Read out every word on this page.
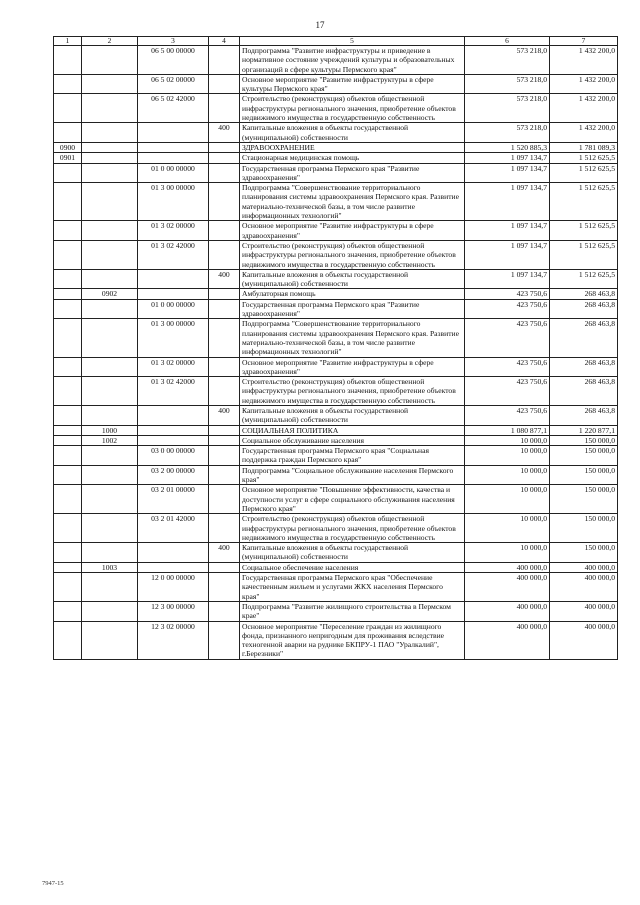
17
1	2	3	4	5	6	7
		06 5 00 00000		Подпрограмма "Развитие инфраструктуры и приведение в нормативное состояние учреждений культуры и образовательных организаций в сфере культуры Пермского края"	573 218,0	1 432 200,0
		06 5 02 00000		Основное мероприятие "Развитие инфраструктуры в сфере культуры Пермского края"	573 218,0	1 432 200,0
		06 5 02 42000		Строительство (реконструкция) объектов общественной инфраструктуры регионального значения, приобретение объектов недвижимого имущества в государственную собственность	573 218,0	1 432 200,0
			400	Капитальные вложения в объекты государственной (муниципальной) собственности	573 218,0	1 432 200,0
0900				ЗДРАВООХРАНЕНИЕ	1 520 885,3	1 781 089,3
0901				Стационарная медицинская помощь	1 097 134,7	1 512 625,5
		01 0 00 00000		Государственная программа Пермского края "Развитие здравоохранения"	1 097 134,7	1 512 625,5
		01 3 00 00000		Подпрограмма "Совершенствование территориального планирования системы здравоохранения Пермского края. Развитие материально-технической базы, в том числе развитие информационных технологий"	1 097 134,7	1 512 625,5
		01 3 02 00000		Основное мероприятие "Развитие инфраструктуры в сфере здравоохранения"	1 097 134,7	1 512 625,5
		01 3 02 42000		Строительство (реконструкция) объектов общественной инфраструктуры регионального значения, приобретение объектов недвижимого имущества в государственную собственность	1 097 134,7	1 512 625,5
			400	Капитальные вложения в объекты государственной (муниципальной) собственности	1 097 134,7	1 512 625,5
	0902			Амбулаторная помощь	423 750,6	268 463,8
		01 0 00 00000		Государственная программа Пермского края "Развитие здравоохранения"	423 750,6	268 463,8
		01 3 00 00000		Подпрограмма "Совершенствование территориального планирования системы здравоохранения Пермского края. Развитие материально-технической базы, в том числе развитие информационных технологий"	423 750,6	268 463,8
		01 3 02 00000		Основное мероприятие "Развитие инфраструктуры в сфере здравоохранения"	423 750,6	268 463,8
		01 3 02 42000		Строительство (реконструкция) объектов общественной инфраструктуры регионального значения, приобретение объектов недвижимого имущества в государственную собственность	423 750,6	268 463,8
			400	Капитальные вложения в объекты государственной (муниципальной) собственности	423 750,6	268 463,8
	1000			СОЦИАЛЬНАЯ ПОЛИТИКА	1 080 877,1	1 220 877,1
	1002			Социальное обслуживание населения	10 000,0	150 000,0
		03 0 00 00000		Государственная программа Пермского края "Социальная поддержка граждан Пермского края"	10 000,0	150 000,0
		03 2 00 00000		Подпрограмма "Социальное обслуживание населения Пермского края"	10 000,0	150 000,0
		03 2 01 00000		Основное мероприятие "Повышение эффективности, качества и доступности услуг в сфере социального обслуживания населения Пермского края"	10 000,0	150 000,0
		03 2 01 42000		Строительство (реконструкция) объектов общественной инфраструктуры регионального значения, приобретение объектов недвижимого имущества в государственную собственность	10 000,0	150 000,0
			400	Капитальные вложения в объекты государственной (муниципальной) собственности	10 000,0	150 000,0
	1003			Социальное обеспечение населения	400 000,0	400 000,0
		12 0 00 00000		Государственная программа Пермского края "Обеспечение качественным жильем и услугами ЖКХ населения Пермского края"	400 000,0	400 000,0
		12 3 00 00000		Подпрограмма "Развитие жилищного строительства в Пермском крае"	400 000,0	400 000,0
		12 3 02 00000		Основное мероприятие "Переселение граждан из жилищного фонда, признанного непригодным для проживания вследствие техногенной аварии на руднике БКПРУ-1 ПАО "Уралкалий", г.Березники"	400 000,0	400 000,0
7947-15
